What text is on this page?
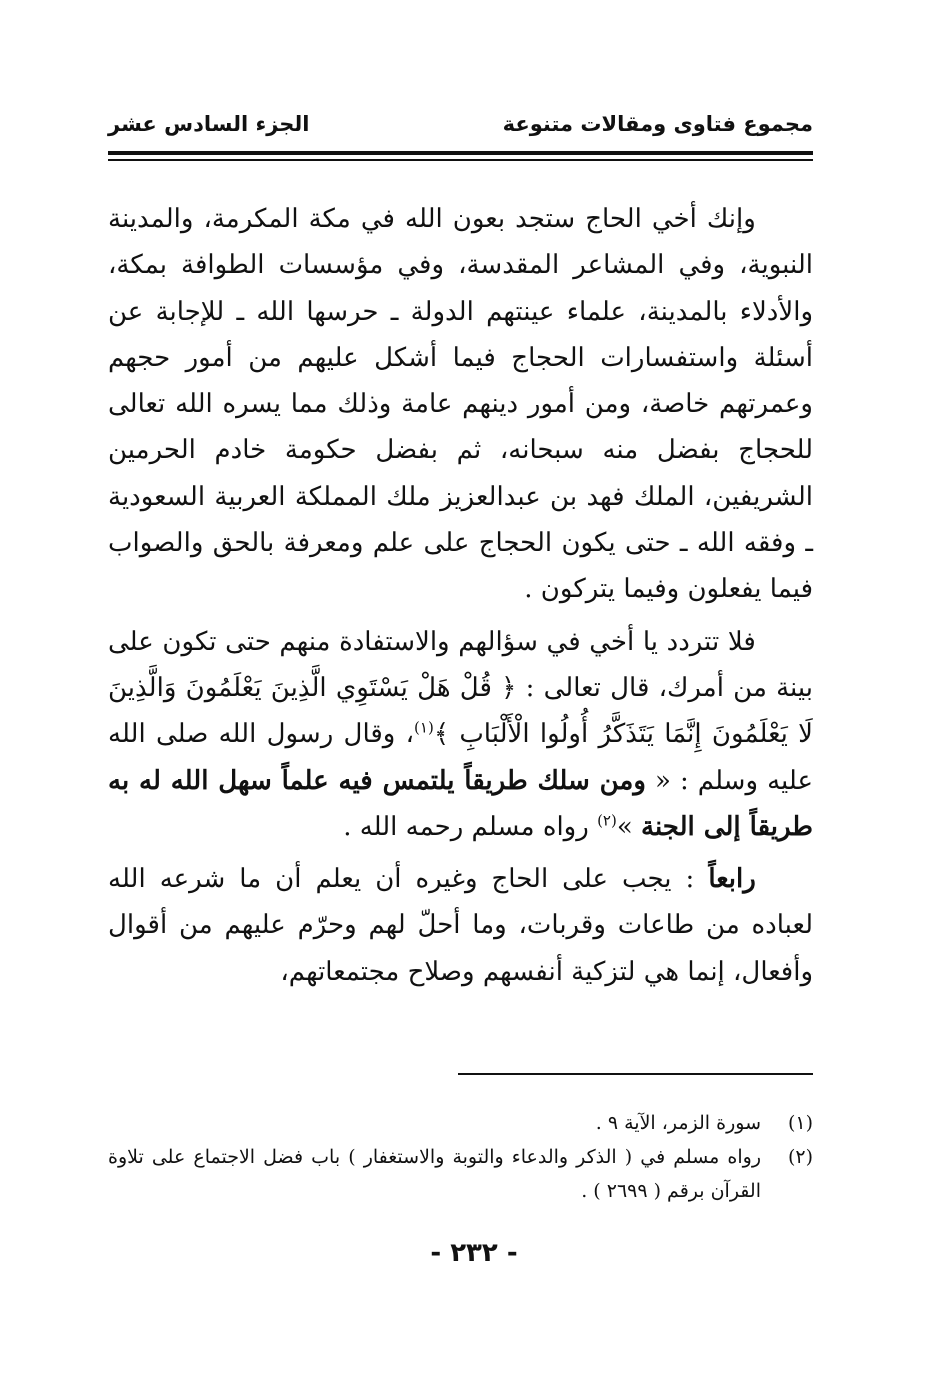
مجموع فتاوى ومقالات متنوعة
الجزء السادس عشر

وإنك أخي الحاج ستجد بعون الله في مكة المكرمة، والمدينة النبوية، وفي المشاعر المقدسة، وفي مؤسسات الطوافة بمكة، والأدلاء بالمدينة، علماء عينتهم الدولة ـ حرسها الله ـ للإجابة عن أسئلة واستفسارات الحجاج فيما أشكل عليهم من أمور حجهم وعمرتهم خاصة، ومن أمور دينهم عامة وذلك مما يسره الله تعالى للحجاج بفضل منه سبحانه، ثم بفضل حكومة خادم الحرمين الشريفين، الملك فهد بن عبدالعزيز ملك المملكة العربية السعودية ـ وفقه الله ـ حتى يكون الحجاج على علم ومعرفة بالحق والصواب فيما يفعلون وفيما يتركون .

فلا تتردد يا أخي في سؤالهم والاستفادة منهم حتى تكون على بينة من أمرك، قال تعالى : ﴿ قُلْ هَلْ يَسْتَوِي الَّذِينَ يَعْلَمُونَ وَالَّذِينَ لَا يَعْلَمُونَ إِنَّمَا يَتَذَكَّرُ أُولُوا الْأَلْبَابِ ﴾$^{(١)}$، وقال رسول الله صلى الله عليه وسلم : « ومن سلك طريقاً يلتمس فيه علماً سهل الله له به طريقاً إلى الجنة »$^{(٢)}$ رواه مسلم رحمه الله .

رابعاً : يجب على الحاج وغيره أن يعلم أن ما شرعه الله لعباده من طاعات وقربات، وما أحلّ لهم وحرّم عليهم من أقوال وأفعال، إنما هي لتزكية أنفسهم وصلاح مجتمعاتهم،

(١)
سورة الزمر، الآية ٩ .
(٢)
رواه مسلم في ( الذكر والدعاء والتوبة والاستغفار ) باب فضل الاجتماع على تلاوة القرآن برقم ( ٢٦٩٩ ) .
- ٢٣٢ -
